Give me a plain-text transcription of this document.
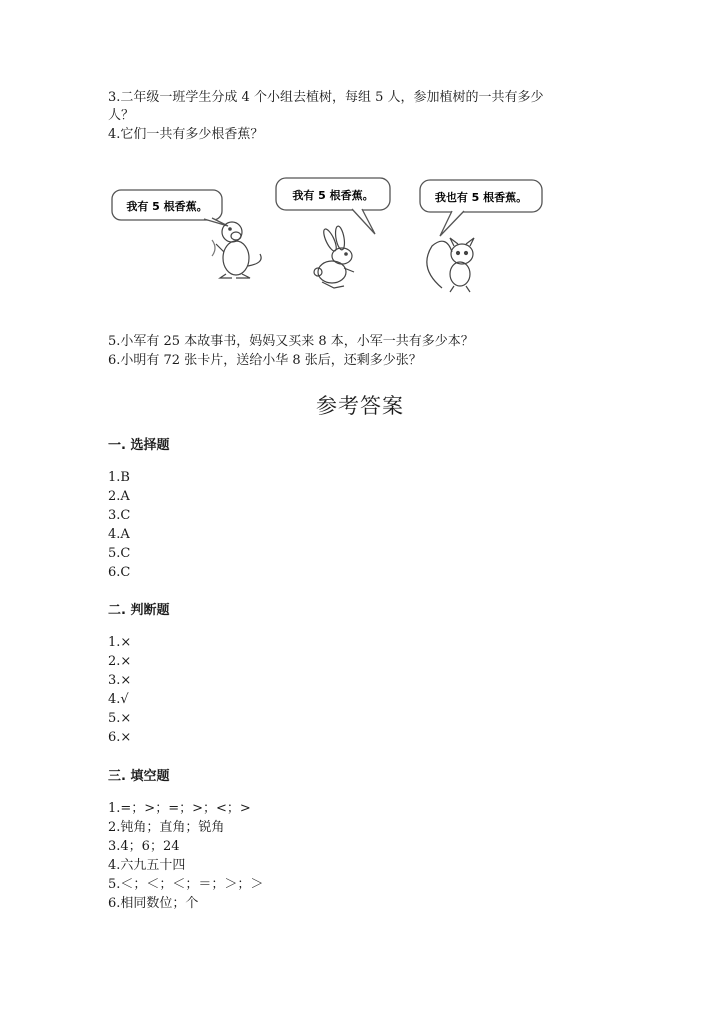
3.二年级一班学生分成 4 个小组去植树，每组 5 人，参加植树的一共有多少
人？
4.它们一共有多少根香蕉？
我有 5 根香蕉。
我有 5 根香蕉。	我也有 5 根香蕉。
5.小军有 25 本故事书，妈妈又买来 8 本，小军一共有多少本？
6.小明有 72 张卡片，送给小华 8 张后，还剩多少张？
参考答案
一. 选择题
1.B
2.A
3.C
4.A
5.C
6.C
二. 判断题
1.×
2.×
3.×
4.√
5.×
6.×
三. 填空题
1.=；>；=；>；<；>
2.钝角；直角；锐角
3.4；6；24
4.六九五十四
5.＜；＜；＜；＝；＞；＞
6.相同数位；个
